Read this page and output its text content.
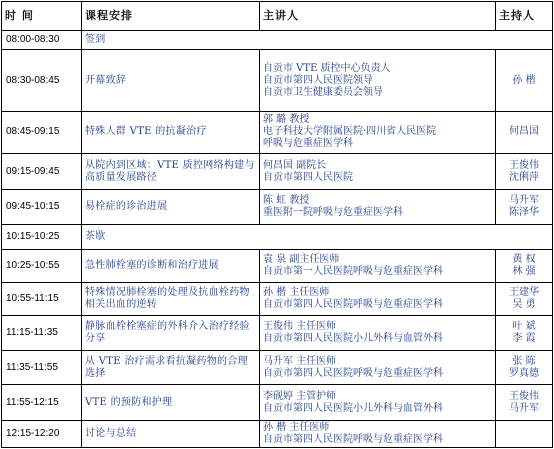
时 间	课程安排	主讲人	主持人
08:00-08:30	签到		
08:30-08:45	开幕致辞	自贡市 VTE 质控中心负责人
自贡市第四人民医院领导
自贡市卫生健康委员会领导	孙 楷

08:45-09:15	特殊人群 VTE 的抗凝治疗	郭 璐 教授
电子科技大学附属医院·四川省人民医院
呼吸与危重症医学科	何昌国

09:15-09:45	从院内到区域：VTE 质控网络构建与高质量发展路径	何昌国 副院长
自贡市第四人民医院	王俊伟
沈俐萍

09:45-10:15	易栓症的诊治进展	陈 虹 教授
重医附一院呼吸与危重症医学科	马升军
陈泽华

10:15-10:25	茶歇		
10:25-10:55	急性肺栓塞的诊断和治疗进展	袁 泉 副主任医师
自贡市第一人民医院呼吸与危重症医学科	黄 权
林 强

10:55-11:15	特殊情况肺栓塞的处理及抗血栓药物相关出血的逆转	孙 楷 主任医师
自贡市第四人民医院呼吸与危重症医学科	王建华
吴 勇

11:15-11:35	静脉血栓栓塞症的外科介入治疗经验分享	王俊伟 主任医师
自贡市第四人民医院小儿外科与血管外科	叶 斌
李 霞

11:35-11:55	从 VTE 治疗需求看抗凝药物的合理选择	马升军 主任医师
自贡市第四人民医院呼吸与危重症医学科	张 陈
罗真德

11:55-12:15	VTE 的预防和护理	李砚婷 主管护师
自贡市第四人民医院小儿外科与血管外科	王俊伟
马升军

12:15-12:20	讨论与总结	孙 楷 主任医师
自贡市第四人民医院呼吸与危重症医学科	
